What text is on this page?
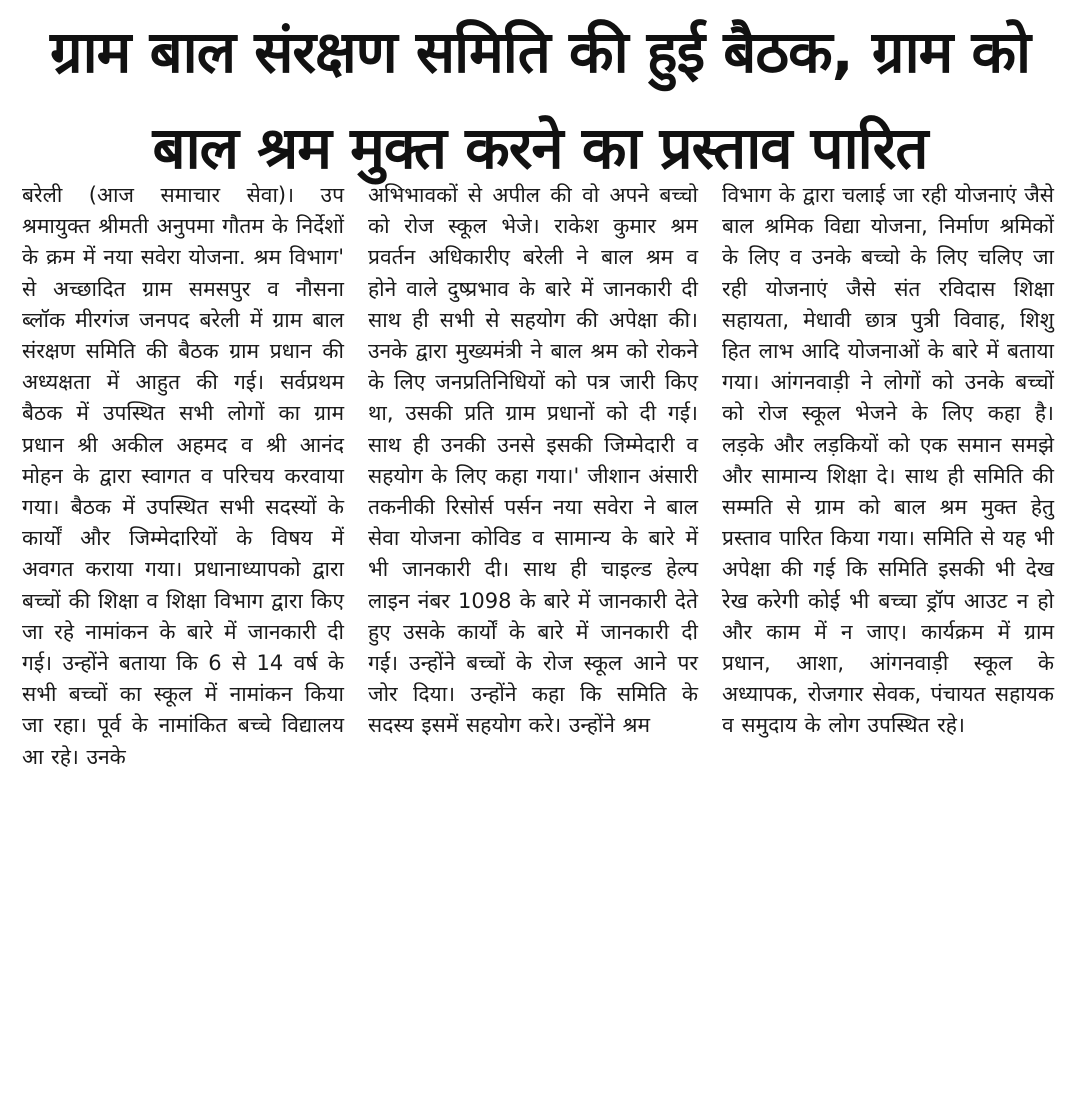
ग्राम बाल संरक्षण समिति की हुई बैठक, ग्राम को
बाल श्रम मुक्त करने का प्रस्ताव पारित
बरेली (आज समाचार सेवा)। उप श्रमायुक्त श्रीमती अनुपमा गौतम के निर्देशों के क्रम में नया सवेरा योजना. श्रम विभाग' से अच्छादित ग्राम समसपुर व नौसना ब्लॉक मीरगंज जनपद बरेली में ग्राम बाल संरक्षण समिति की बैठक ग्राम प्रधान की अध्यक्षता में आहुत की गई। सर्वप्रथम बैठक में उपस्थित सभी लोगों का ग्राम प्रधान श्री अकील अहमद व श्री आनंद मोहन के द्वारा स्वागत व परिचय करवाया गया। बैठक में उपस्थित सभी सदस्यों के कार्यों और जिम्मेदारियों के विषय में अवगत कराया गया। प्रधानाध्यापको द्वारा बच्चों की शिक्षा व शिक्षा विभाग द्वारा किए जा रहे नामांकन के बारे में जानकारी दी गई। उन्होंने बताया कि 6 से 14 वर्ष के सभी बच्चों का स्कूल में नामांकन किया जा रहा। पूर्व के नामांकित बच्चे विद्यालय आ रहे। उनके
अभिभावकों से अपील की वो अपने बच्चो को रोज स्कूल भेजे। राकेश कुमार श्रम प्रवर्तन अधिकारीए बरेली ने बाल श्रम व होने वाले दुष्प्रभाव के बारे में जानकारी दी साथ ही सभी से सहयोग की अपेक्षा की। उनके द्वारा मुख्यमंत्री ने बाल श्रम को रोकने के लिए जनप्रतिनिधियों को पत्र जारी किए था, उसकी प्रति ग्राम प्रधानों को दी गई। साथ ही उनकी उनसे इसकी जिम्मेदारी व सहयोग के लिए कहा गया।' जीशान अंसारी तकनीकी रिसोर्स पर्सन नया सवेरा ने बाल सेवा योजना कोविड व सामान्य के बारे में भी जानकारी दी। साथ ही चाइल्ड हेल्प लाइन नंबर 1098 के बारे में जानकारी देते हुए उसके कार्यों के बारे में जानकारी दी गई। उन्होंने बच्चों के रोज स्कूल आने पर जोर दिया। उन्होंने कहा कि समिति के सदस्य इसमें सहयोग करे। उन्होंने श्रम
विभाग के द्वारा चलाई जा रही योजनाएं जैसे बाल श्रमिक विद्या योजना, निर्माण श्रमिकों के लिए व उनके बच्चो के लिए चलिए जा रही योजनाएं जैसे संत रविदास शिक्षा सहायता, मेधावी छात्र पुत्री विवाह, शिशु हित लाभ आदि योजनाओं के बारे में बताया गया। आंगनवाड़ी ने लोगों को उनके बच्चों को रोज स्कूल भेजने के लिए कहा है। लड़के और लड़कियों को एक समान समझे और सामान्य शिक्षा दे। साथ ही समिति की सम्मति से ग्राम को बाल श्रम मुक्त हेतु प्रस्ताव पारित किया गया। समिति से यह भी अपेक्षा की गई कि समिति इसकी भी देख रेख करेगी कोई भी बच्चा ड्रॉप आउट न हो और काम में न जाए। कार्यक्रम में ग्राम प्रधान, आशा, आंगनवाड़ी स्कूल के अध्यापक, रोजगार सेवक, पंचायत सहायक व समुदाय के लोग उपस्थित रहे।
